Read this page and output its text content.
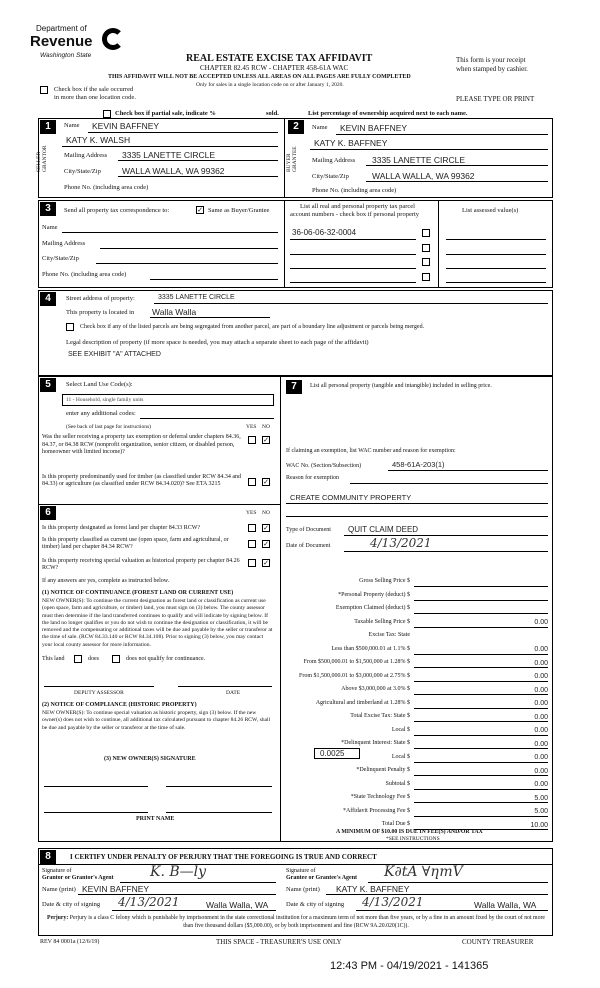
Department of
Revenue
Washington State	REAL ESTATE EXCISE TAX AFFIDAVIT
CHAPTER 82.45 RCW - CHAPTER 458-61A WAC
THIS AFFIDAVIT WILL NOT BE ACCEPTED UNLESS ALL AREAS ON ALL PAGES ARE FULLY COMPLETED
Only for sales in a single location code on or after January 1, 2020.
This form is your receipt
when stamped by cashier.
PLEASE TYPE OR PRINT
Check box if the sale occurred
in more than one location code.
Check box if partial sale, indicate %	sold.	List percentage of ownership acquired next to each name.
1
SELLER GRANTOR
Name KEVIN BAFFNEY
KATY K. WALSH
Mailing Address 3335 LANETTE CIRCLE
City/State/Zip WALLA WALLA, WA 99362
Phone No. (including area code)
2
BUYER GRANTEE
Name KEVIN BAFFNEY
KATY K. BAFFNEY
Mailing Address 3335 LANETTE CIRCLE
City/State/Zip	WALLA WALLA, WA 99362
Phone No. (including area code)
3	Send all property tax correspondence to:	✓ Same as Buyer/Grantee
List all real and personal property tax parcel
account numbers - check box if personal property
List assessed value(s)
36-06-06-32-0004
Name
Mailing Address
City/State/Zip
Phone No. (including area code)
4	Street address of property:	3335 LANETTE CIRCLE
This property is located in Walla Walla
Check box if any of the listed parcels are being segregated from another parcel, are part of a boundary line adjustment or parcels being merged.
Legal description of property (if more space is needed, you may attach a separate sheet to each page of the affidavit)
SEE EXHIBIT "A" ATTACHED
5	Select Land Use Code(s):
11 - Household, single family units
enter any additional codes:
(See back of last page for instructions)	YES NO
Was the seller receiving a property tax exemption or deferral under chapters 84.36, 84.37, or 84.38 RCW (nonprofit organization, senior citizen, or disabled person, homeowner with limited income)?
✓
Is this property predominantly used for timber (as classified under RCW 84.34 and 84.33) or agriculture (as classified under RCW 84.34.020)? See ETA 3215	✓
6	YES NO
Is this property designated as forest land per chapter 84.33 RCW?	✓
Is this property classified as current use (open space, farm and agricultural, or timber) land per chapter 84.34 RCW?	✓
Is this property receiving special valuation as historical property per chapter 84.26 RCW?
✓
If any answers are yes, complete as instructed below.
(1) NOTICE OF CONTINUANCE (FOREST LAND OR CURRENT USE)
NEW OWNER(S): To continue the current designation as forest land or classification as current use (open space, farm and agriculture, or timber) land, you must sign on (3) below. The county assessor must then determine if the land transferred continues to qualify and will indicate by signing below. If the land no longer qualifies or you do not wish to continue the designation or classification, it will be removed and the compensating or additional taxes will be due and payable by the seller or transferor at the time of sale. (RCW 84.33.140 or RCW 84.34.108). Prior to signing (3) below, you may contact your local county assessor for more information.
This land	does	does not qualify for continuance.
DEPUTY ASSESSOR	DATE
(2) NOTICE OF COMPLIANCE (HISTORIC PROPERTY)
NEW OWNER(S): To continue special valuation as historic property, sign (3) below. If the new owner(s) does not wish to continue, all additional tax calculated pursuant to chapter 84.26 RCW, shall be due and payable by the seller or transferor at the time of sale.
(3) NEW OWNER(S) SIGNATURE
PRINT NAME
7	List all personal property (tangible and intangible) included in selling price.
If claiming an exemption, list WAC number and reason for exemption:
WAC No. (Section/Subsection)	458-61A-203(1)
Reason for exemption
CREATE COMMUNITY PROPERTY
Type of Document QUIT CLAIM DEED
Date of Document	4/13/2021
Gross Selling Price $
*Personal Property (deduct) $
Exemption Claimed (deduct) $
Taxable Selling Price $	0.00
Excise Tax: State
Less than $500,000.01 at 1.1% $	0.00
From $500,000.01 to $1,500,000 at 1.28% $	0.00
From $1,500,000.01 to $3,000,000 at 2.75% $	0.00
Above $3,000,000 at 3.0% $	0.00
Agricultural and timberland at 1.28% $	0.00
Total Excise Tax: State $	0.00
Local $	0.00
*Delinquent Interest: State $	0.00
Local $	0.00
*Delinquent Penalty $	0.00
Subtotal $	0.00
*State Technology Fee $	5.00
*Affidavit Processing Fee $	5.00
Total Due $	10.00
0.0025
A MINIMUM OF $10.00 IS DUE IN FEE(S) AND/OR TAX
*SEE INSTRUCTIONS
8	I CERTIFY UNDER PENALTY OF PERJURY THAT THE FOREGOING IS TRUE AND CORRECT
Signature of
Grantor or Grantor's Agent	K. B—ly
Name (print) KEVIN BAFFNEY
Date & city of signing 4/13/2021	Walla Walla, WA
Signature of
Grantee or Grantee's Agent K∂tA ∀ƞmV
Name (print) KATY K. BAFFNEY
Date & city of signing 4/13/2021	Walla Walla, WA
Perjury: Perjury is a class C felony which is punishable by imprisonment in the state correctional institution for a maximum term of not more than five years, or by a fine in an amount fixed by the court of not more than five thousand dollars ($5,000.00), or by both imprisonment and fine (RCW 9A.20.020(1C)).
REV 84 0001a (12/6/19)	THIS SPACE - TREASURER'S USE ONLY	COUNTY TREASURER
12:43 PM - 04/19/2021 - 141365
